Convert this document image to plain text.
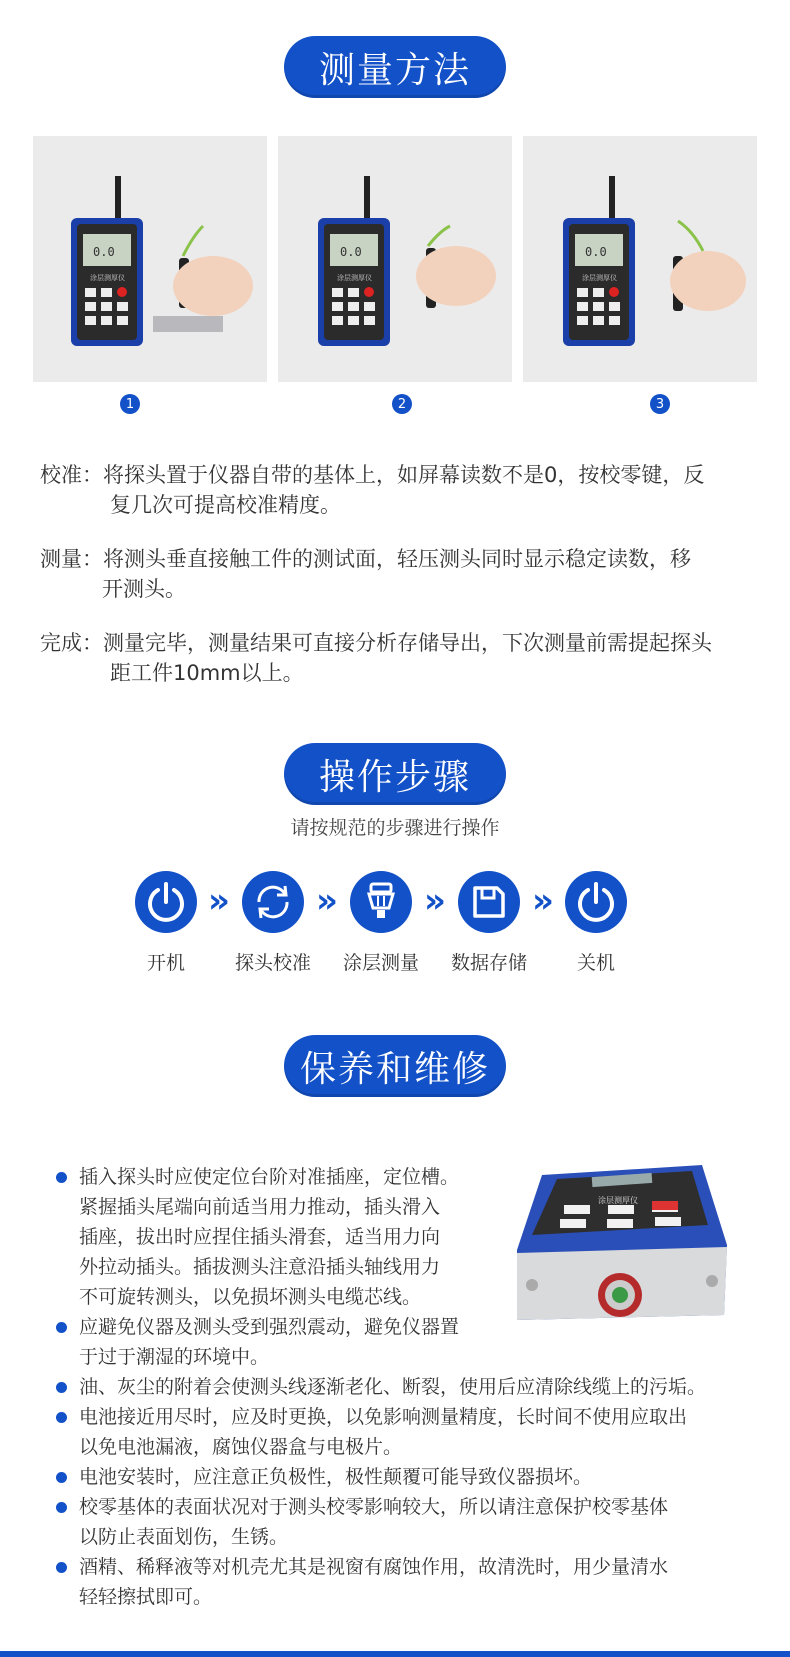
测量方法
0.0
涂层测厚仪
0.0
涂层测厚仪
0.0
涂层测厚仪
1	2	3
校准： 将探头置于仪器自带的基体上，如屏幕读数不是0，按校零键，反
复几次可提高校准精度。
测量： 将测头垂直接触工件的测试面，轻压测头同时显示稳定读数，移
开测头。
完成： 测量完毕，测量结果可直接分析存储导出，下次测量前需提起探头
距工件10mm以上。
操作步骤
请按规范的步骤进行操作
»	»	»	»
开机	探头校准	涂层测量	数据存储	关机
保养和维修
涂层测厚仪
插入探头时应使定位台阶对准插座，定位槽。
紧握插头尾端向前适当用力推动，插头滑入
插座，拔出时应捏住插头滑套，适当用力向
外拉动插头。插拔测头注意沿插头轴线用力
不可旋转测头，以免损坏测头电缆芯线。
应避免仪器及测头受到强烈震动，避免仪器置
于过于潮湿的环境中。
油、灰尘的附着会使测头线逐渐老化、断裂，使用后应清除线缆上的污垢。
电池接近用尽时，应及时更换，以免影响测量精度，长时间不使用应取出
以免电池漏液，腐蚀仪器盒与电极片。
电池安装时，应注意正负极性，极性颠覆可能导致仪器损坏。
校零基体的表面状况对于测头校零影响较大，所以请注意保护校零基体
以防止表面划伤，生锈。
酒精、稀释液等对机壳尤其是视窗有腐蚀作用，故清洗时，用少量清水
轻轻擦拭即可。
